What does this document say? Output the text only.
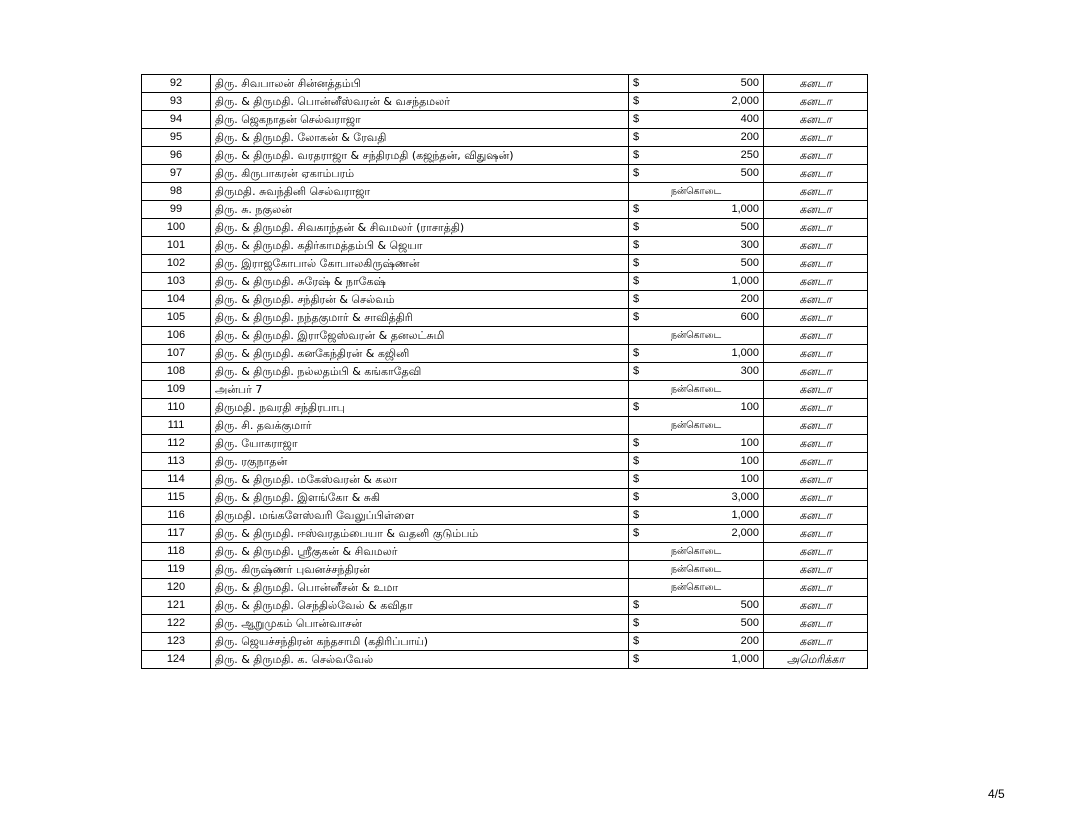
92	திரு. சிவபாலன் சின்னத்தம்பி	$ 500	கனடா
93	திரு. & திருமதி. பொன்னீஸ்வரன் & வசந்தமலர்	$ 2,000	கனடா
94	திரு. ஜெகநாதன் செல்வராஜா	$ 400	கனடா
95	திரு. & திருமதி. லோகன் & ரேவதி	$ 200	கனடா
96	திரு. & திருமதி. வரதராஜா & சந்திரமதி (கஜந்தன், விதுஷன்)	$ 250	கனடா
97	திரு. கிருபாகரன் ஏகாம்பரம்	$ 500	கனடா
98	திருமதி. சுவந்தினி செல்வராஜா	நன்கொடை	கனடா
99	திரு. சு. நகுலன்	$ 1,000	கனடா
100	திரு. & திருமதி. சிவகாந்தன் & சிவமலர் (ராசாத்தி)	$ 500	கனடா
101	திரு. & திருமதி. கதிர்காமத்தம்பி & ஜெயா	$ 300	கனடா
102	திரு. இராஜகோபால் கோபாலகிருஷ்ணன்	$ 500	கனடா
103	திரு. & திருமதி. சுரேஷ் & நாகேஷ்	$ 1,000	கனடா
104	திரு. & திருமதி. சந்திரன் & செல்வம்	$ 200	கனடா
105	திரு. & திருமதி. நந்தகுமார் & சாவித்திரி	$ 600	கனடா
106	திரு. & திருமதி. இராஜேஸ்வரன் & தனலட்சுமி	நன்கொடை	கனடா
107	திரு. & திருமதி. கனகேந்திரன் & கஜினி	$ 1,000	கனடா
108	திரு. & திருமதி. நல்லதம்பி & கங்காதேவி	$ 300	கனடா
109	அன்பர் 7	நன்கொடை	கனடா
110	திருமதி. நவரதி சந்திரபாபு	$ 100	கனடா
111	திரு. சி. தவக்குமார்	நன்கொடை	கனடா
112	திரு. யோகராஜா	$ 100	கனடா
113	திரு. ரகுநாதன்	$ 100	கனடா
114	திரு. & திருமதி. மகேஸ்வரன் & கலா	$ 100	கனடா
115	திரு. & திருமதி. இளங்கோ & சுகி	$ 3,000	கனடா
116	திருமதி. மங்களேஸ்வரி வேலுப்பிள்ளை	$ 1,000	கனடா
117	திரு. & திருமதி. ஈஸ்வரதம்பையா & வதனி குடும்பம்	$ 2,000	கனடா
118	திரு. & திருமதி. ஸ்ரீகுகன் & சிவமலர்	நன்கொடை	கனடா
119	திரு. கிருஷ்ணர் புவனச்சந்திரன்	நன்கொடை	கனடா
120	திரு. & திருமதி. பொன்னீசன் & உமா	நன்கொடை	கனடா
121	திரு. & திருமதி. செந்தில்வேல் & கவிதா	$ 500	கனடா
122	திரு. ஆறுமுகம் பொன்வாசன்	$ 500	கனடா
123	திரு. ஜெயச்சந்திரன் கந்தசாமி (கதிரிப்பாய்)	$ 200	கனடா
124	திரு. & திருமதி. க. செல்வவேல்	$ 1,000	அமெரிக்கா
4/5
